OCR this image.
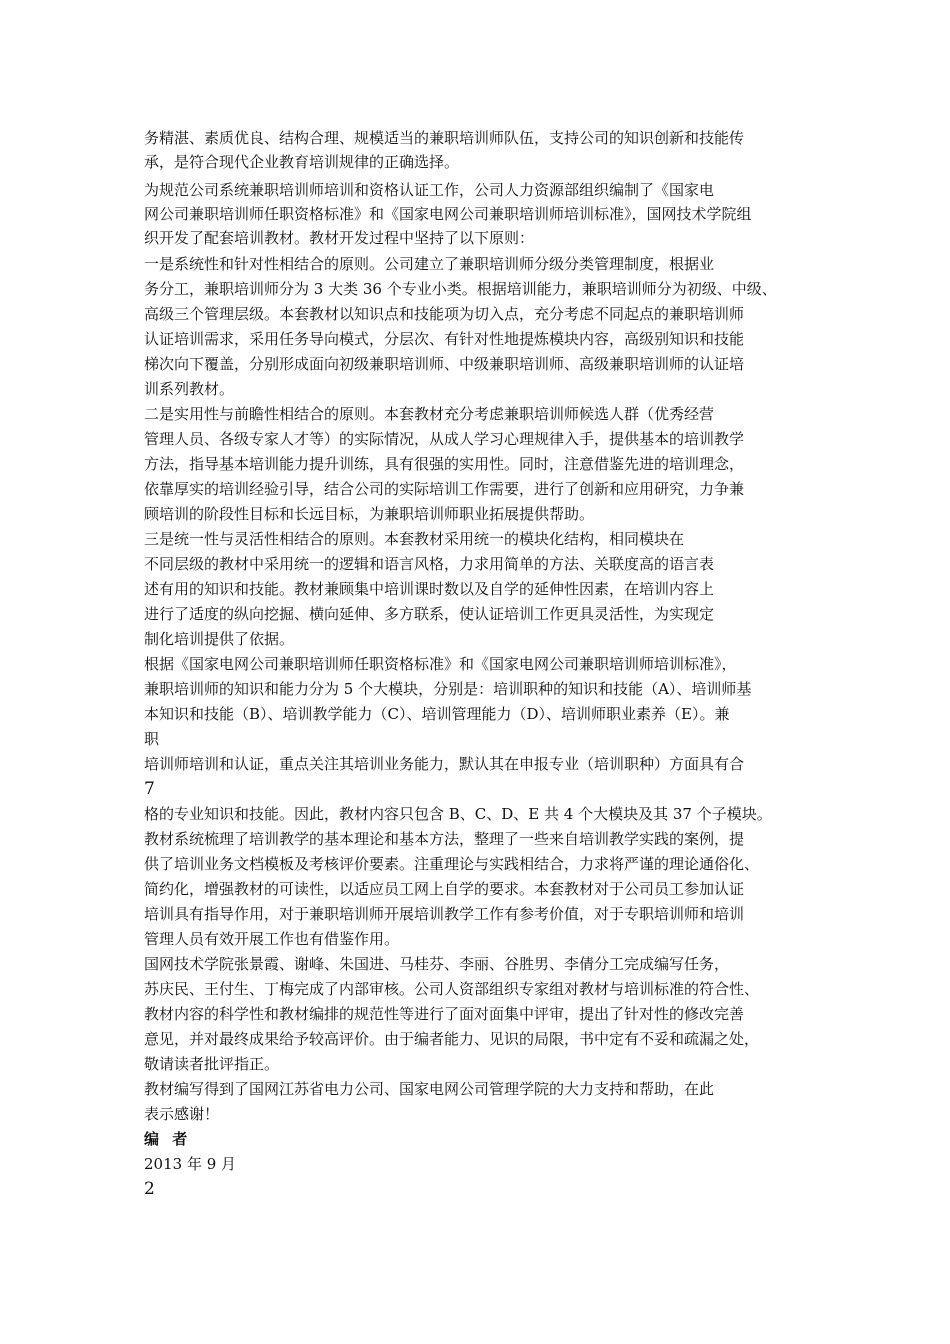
务精湛、素质优良、结构合理、规模适当的兼职培训师队伍，支持公司的知识创新和技能传
承，是符合现代企业教育培训规律的正确选择。
为规范公司系统兼职培训师培训和资格认证工作，公司人力资源部组织编制了《国家电
网公司兼职培训师任职资格标准》和《国家电网公司兼职培训师培训标准》，国网技术学院组
织开发了配套培训教材。教材开发过程中坚持了以下原则：
一是系统性和针对性相结合的原则。公司建立了兼职培训师分级分类管理制度，根据业
务分工，兼职培训师分为 3 大类 36 个专业小类。根据培训能力，兼职培训师分为初级、中级、
高级三个管理层级。本套教材以知识点和技能项为切入点，充分考虑不同起点的兼职培训师
认证培训需求，采用任务导向模式，分层次、有针对性地提炼模块内容，高级别知识和技能
梯次向下覆盖，分别形成面向初级兼职培训师、中级兼职培训师、高级兼职培训师的认证培
训系列教材。
二是实用性与前瞻性相结合的原则。本套教材充分考虑兼职培训师候选人群（优秀经营
管理人员、各级专家人才等）的实际情况，从成人学习心理规律入手，提供基本的培训教学
方法，指导基本培训能力提升训练，具有很强的实用性。同时，注意借鉴先进的培训理念，
依靠厚实的培训经验引导，结合公司的实际培训工作需要，进行了创新和应用研究，力争兼
顾培训的阶段性目标和长远目标，为兼职培训师职业拓展提供帮助。
三是统一性与灵活性相结合的原则。本套教材采用统一的模块化结构，相同模块在
不同层级的教材中采用统一的逻辑和语言风格，力求用简单的方法、关联度高的语言表
述有用的知识和技能。教材兼顾集中培训课时数以及自学的延伸性因素，在培训内容上
进行了适度的纵向挖掘、横向延伸、多方联系，使认证培训工作更具灵活性，为实现定
制化培训提供了依据。
根据《国家电网公司兼职培训师任职资格标准》和《国家电网公司兼职培训师培训标准》，
兼职培训师的知识和能力分为 5 个大模块，分别是：培训职种的知识和技能（A）、培训师基
本知识和技能（B）、培训教学能力（C）、培训管理能力（D）、培训师职业素养（E）。兼
职
培训师培训和认证，重点关注其培训业务能力，默认其在申报专业（培训职种）方面具有合
7
格的专业知识和技能。因此，教材内容只包含 B、C、D、E 共 4 个大模块及其 37 个子模块。
教材系统梳理了培训教学的基本理论和基本方法，整理了一些来自培训教学实践的案例，提
供了培训业务文档模板及考核评价要素。注重理论与实践相结合，力求将严谨的理论通俗化、
简约化，增强教材的可读性，以适应员工网上自学的要求。本套教材对于公司员工参加认证
培训具有指导作用，对于兼职培训师开展培训教学工作有参考价值，对于专职培训师和培训
管理人员有效开展工作也有借鉴作用。
国网技术学院张景霞、谢峰、朱国进、马桂芬、李丽、谷胜男、李倩分工完成编写任务，
苏庆民、王付生、丁梅完成了内部审核。公司人资部组织专家组对教材与培训标准的符合性、
教材内容的科学性和教材编排的规范性等进行了面对面集中评审，提出了针对性的修改完善
意见，并对最终成果给予较高评价。由于编者能力、见识的局限，书中定有不妥和疏漏之处，
敬请读者批评指正。
教材编写得到了国网江苏省电力公司、国家电网公司管理学院的大力支持和帮助，在此
表示感谢！
编 者
2013 年 9 月
2
